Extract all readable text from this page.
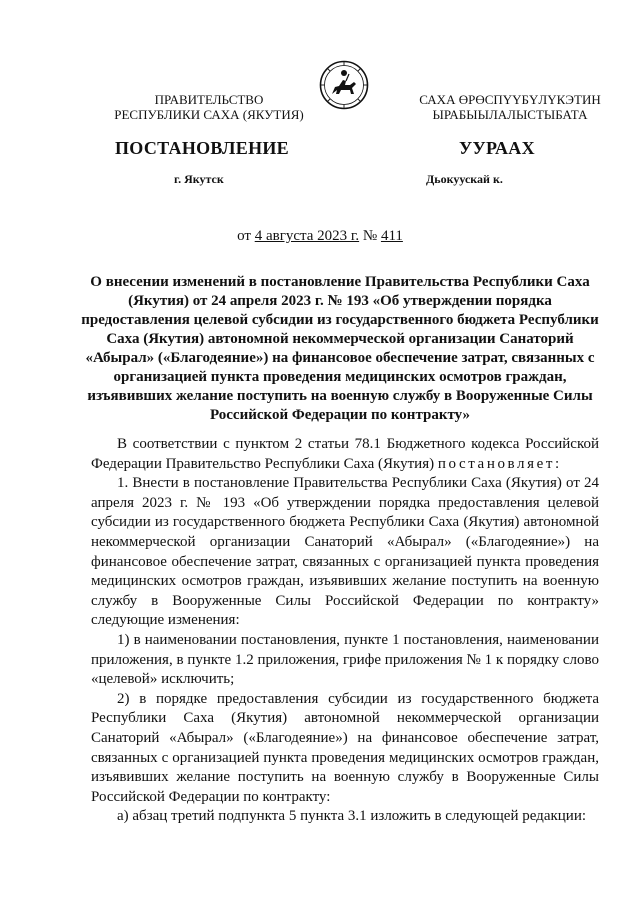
ПРАВИТЕЛЬСТВО
РЕСПУБЛИКИ САХА (ЯКУТИЯ)
САХА ӨРӨСПҮҮБҮЛҮКЭТИН
ЫРАБЫЫЛАЛЫСТЫБАТА
ПОСТАНОВЛЕНИЕ	УУРААХ
г. Якутск	Дьокуускай к.
от 4 августа 2023 г. № 411
О внесении изменений в постановление Правительства Республики Саха (Якутия) от 24 апреля 2023 г. № 193 «Об утверждении порядка предоставления целевой субсидии из государственного бюджета Республики Саха (Якутия) автономной некоммерческой организации Санаторий «Абырал» («Благодеяние») на финансовое обеспечение затрат, связанных с организацией пункта проведения медицинских осмотров граждан, изъявивших желание поступить на военную службу в Вооруженные Силы Российской Федерации по контракту»

В соответствии с пунктом 2 статьи 78.1 Бюджетного кодекса Российской Федерации Правительство Республики Саха (Якутия) постановляет:

1. Внести в постановление Правительства Республики Саха (Якутия) от 24 апреля 2023 г. № 193 «Об утверждении порядка предоставления целевой субсидии из государственного бюджета Республики Саха (Якутия) автономной некоммерческой организации Санаторий «Абырал» («Благодеяние») на финансовое обеспечение затрат, связанных с организацией пункта проведения медицинских осмотров граждан, изъявивших желание поступить на военную службу в Вооруженные Силы Российской Федерации по контракту» следующие изменения:

1) в наименовании постановления, пункте 1 постановления, наименовании приложения, в пункте 1.2 приложения, грифе приложения № 1 к порядку слово «целевой» исключить;

2) в порядке предоставления субсидии из государственного бюджета Республики Саха (Якутия) автономной некоммерческой организации Санаторий «Абырал» («Благодеяние») на финансовое обеспечение затрат, связанных с организацией пункта проведения медицинских осмотров граждан, изъявивших желание поступить на военную службу в Вооруженные Силы Российской Федерации по контракту:

а) абзац третий подпункта 5 пункта 3.1 изложить в следующей редакции:
